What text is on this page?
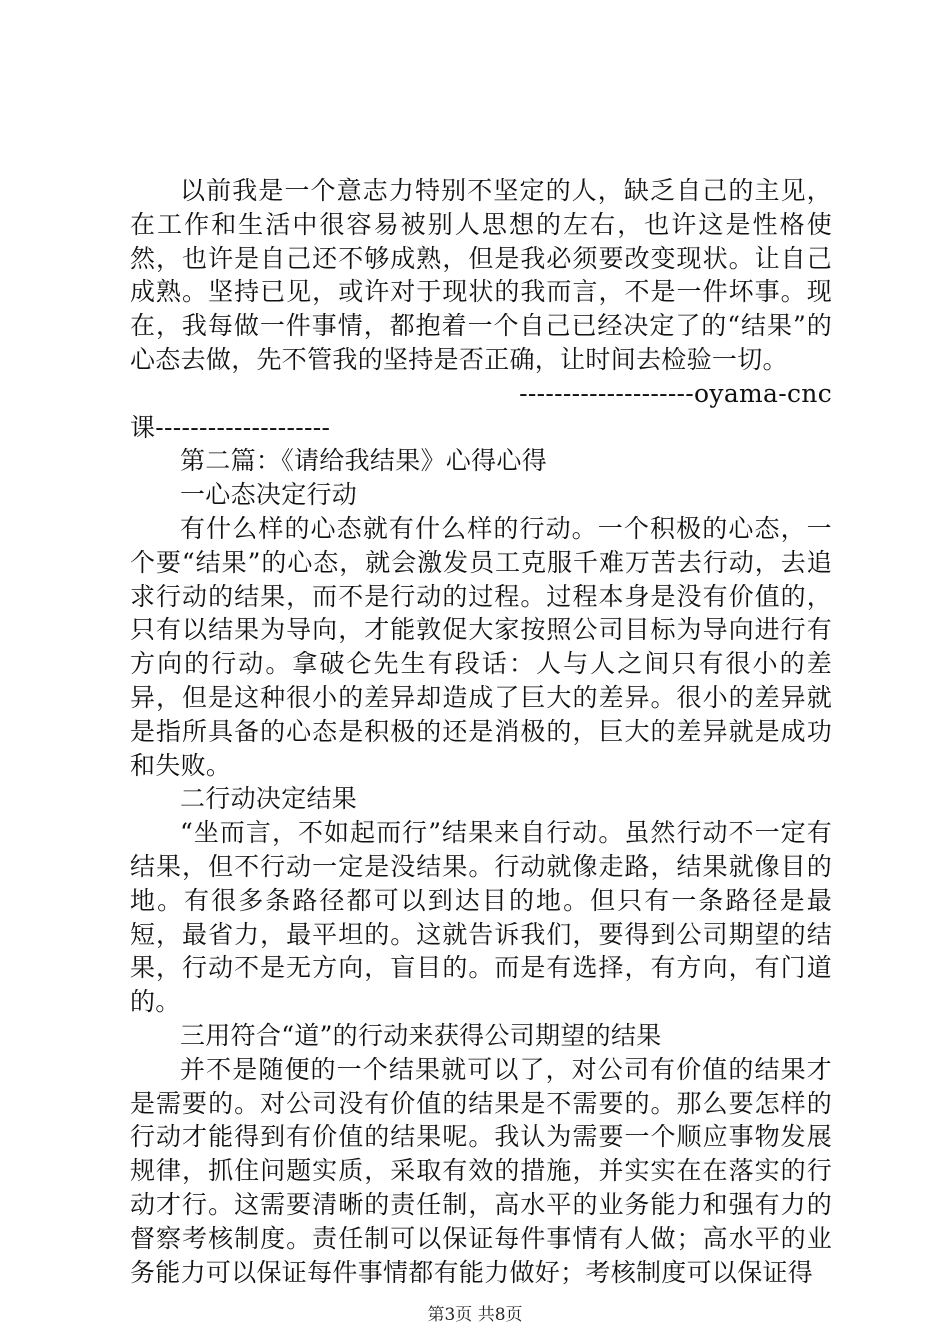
以前我是一个意志力特别不坚定的人，缺乏自己的主见，在工作和生活中很容易被别人思想的左右，也许这是性格使然，也许是自己还不够成熟，但是我必须要改变现状。让自己成熟。坚持已见，或许对于现状的我而言，不是一件坏事。现在，我每做一件事情，都抱着一个自己已经决定了的“结果”的心态去做，先不管我的坚持是否正确，让时间去检验一切。

--------------------oyama-cnc
课--------------------

第二篇：《请给我结果》心得心得

一心态决定行动

有什么样的心态就有什么样的行动。一个积极的心态，一个要“结果”的心态，就会激发员工克服千难万苦去行动，去追求行动的结果，而不是行动的过程。过程本身是没有价值的，只有以结果为导向，才能敦促大家按照公司目标为导向进行有方向的行动。拿破仑先生有段话：人与人之间只有很小的差异，但是这种很小的差异却造成了巨大的差异。很小的差异就是指所具备的心态是积极的还是消极的，巨大的差异就是成功和失败。

二行动决定结果

“坐而言，不如起而行”结果来自行动。虽然行动不一定有结果，但不行动一定是没结果。行动就像走路，结果就像目的地。有很多条路径都可以到达目的地。但只有一条路径是最短，最省力，最平坦的。这就告诉我们，要得到公司期望的结果，行动不是无方向，盲目的。而是有选择，有方向，有门道的。

三用符合“道”的行动来获得公司期望的结果

并不是随便的一个结果就可以了，对公司有价值的结果才是需要的。对公司没有价值的结果是不需要的。那么要怎样的行动才能得到有价值的结果呢。我认为需要一个顺应事物发展规律，抓住问题实质，采取有效的措施，并实实在在落实的行动才行。这需要清晰的责任制，高水平的业务能力和强有力的督察考核制度。责任制可以保证每件事情有人做；高水平的业务能力可以保证每件事情都有能力做好；考核制度可以保证得

第3页 共8页
